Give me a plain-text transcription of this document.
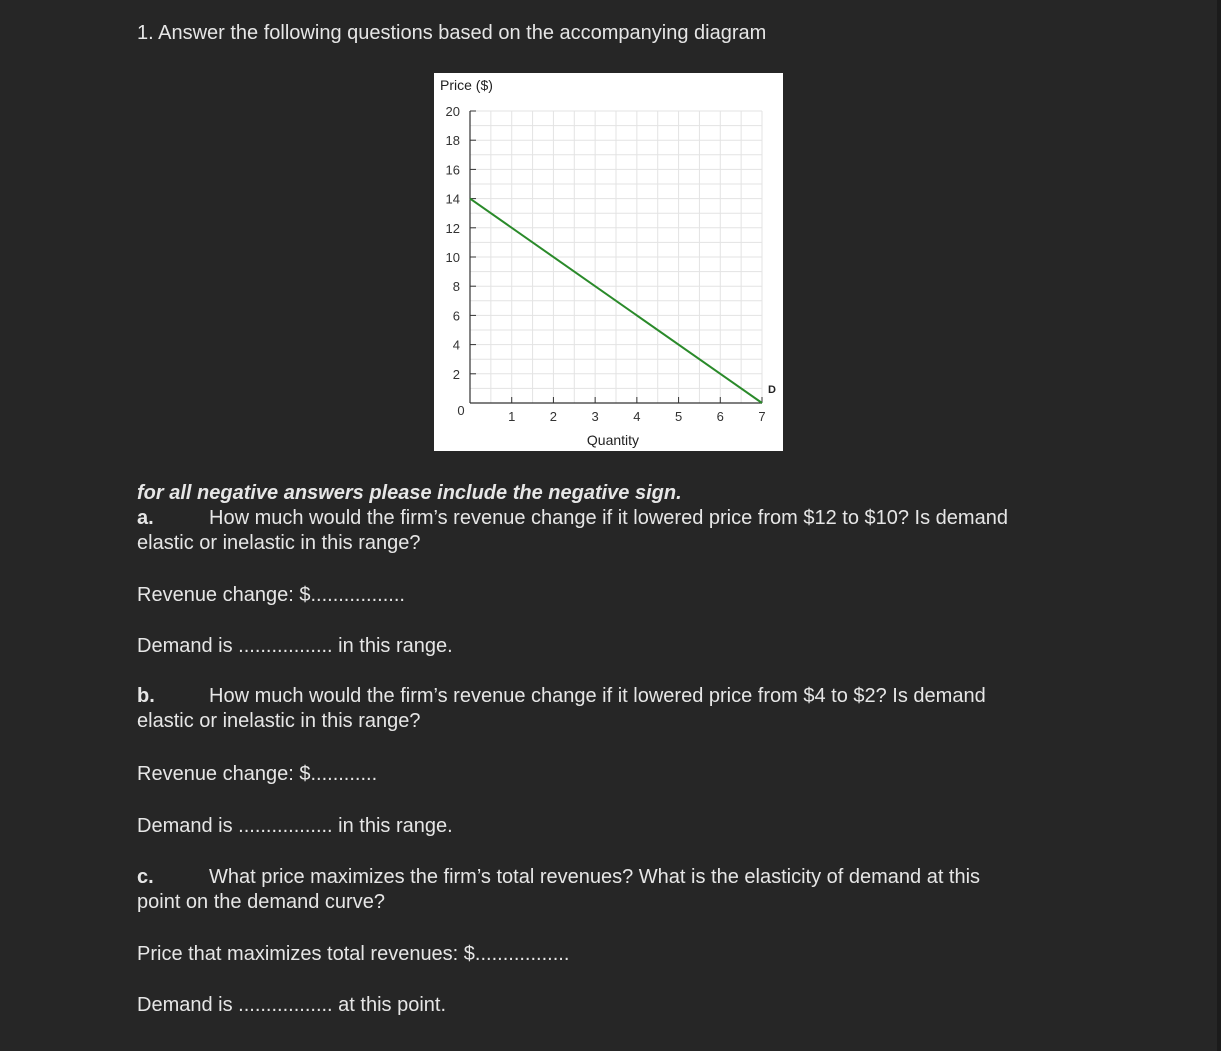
1. Answer the following questions based on the accompanying diagram
Price ($)
Quantity
0
2
4
6
8
10
12
14
16
18
20
1	2	3	4	5	6	7
D
for all negative answers please include the negative sign.
a.	How much would the firm’s revenue change if it lowered price from $12 to $10? Is demand
elastic or inelastic in this range?
Revenue change: $.................
Demand is ................. in this range.
b.	How much would the firm’s revenue change if it lowered price from $4 to $2? Is demand
elastic or inelastic in this range?
Revenue change: $............
Demand is ................. in this range.
c.	What price maximizes the firm’s total revenues? What is the elasticity of demand at this
point on the demand curve?
Price that maximizes total revenues: $.................
Demand is ................. at this point.
